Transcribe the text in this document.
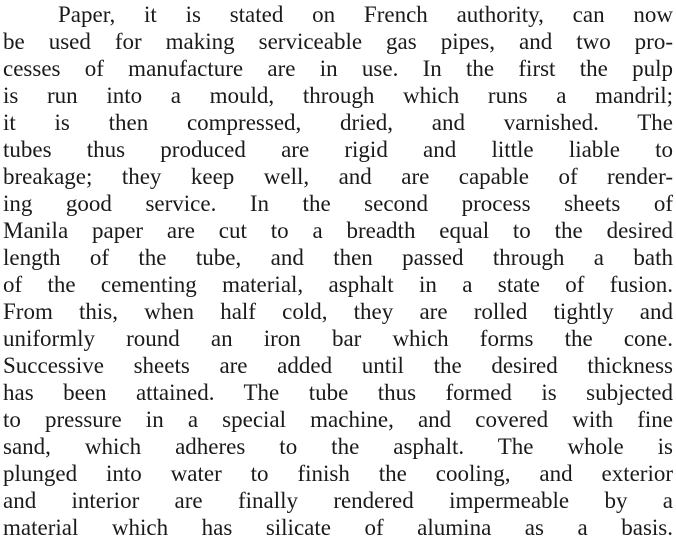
Paper, it is stated on French authority, can now
be used for making serviceable gas pipes, and two pro-
cesses of manufacture are in use. In the first the pulp
is run into a mould, through which runs a mandril;
it is then compressed, dried, and varnished. The
tubes thus produced are rigid and little liable to
breakage; they keep well, and are capable of render-
ing good service. In the second process sheets of
Manila paper are cut to a breadth equal to the desired
length of the tube, and then passed through a bath
of the cementing material, asphalt in a state of fusion.
From this, when half cold, they are rolled tightly and
uniformly round an iron bar which forms the cone.
Successive sheets are added until the desired thickness
has been attained. The tube thus formed is subjected
to pressure in a special machine, and covered with fine
sand, which adheres to the asphalt. The whole is
plunged into water to finish the cooling, and exterior
and interior are finally rendered impermeable by a
material which has silicate of alumina as a basis.
